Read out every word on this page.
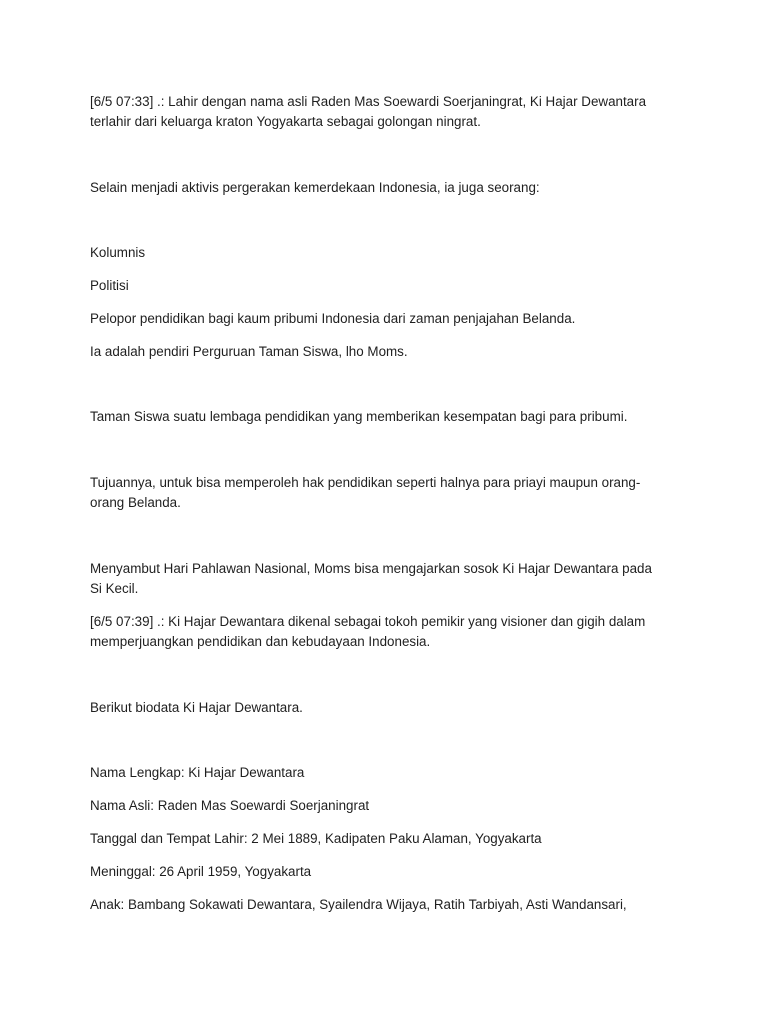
[6/5 07:33] .: Lahir dengan nama asli Raden Mas Soewardi Soerjaningrat, Ki Hajar Dewantara
terlahir dari keluarga kraton Yogyakarta sebagai golongan ningrat.

Selain menjadi aktivis pergerakan kemerdekaan Indonesia, ia juga seorang:

Kolumnis

Politisi

Pelopor pendidikan bagi kaum pribumi Indonesia dari zaman penjajahan Belanda.

Ia adalah pendiri Perguruan Taman Siswa, lho Moms.

Taman Siswa suatu lembaga pendidikan yang memberikan kesempatan bagi para pribumi.

Tujuannya, untuk bisa memperoleh hak pendidikan seperti halnya para priayi maupun orang-
orang Belanda.

Menyambut Hari Pahlawan Nasional, Moms bisa mengajarkan sosok Ki Hajar Dewantara pada
Si Kecil.

[6/5 07:39] .: Ki Hajar Dewantara dikenal sebagai tokoh pemikir yang visioner dan gigih dalam
memperjuangkan pendidikan dan kebudayaan Indonesia.

Berikut biodata Ki Hajar Dewantara.

Nama Lengkap: Ki Hajar Dewantara

Nama Asli: Raden Mas Soewardi Soerjaningrat

Tanggal dan Tempat Lahir: 2 Mei 1889, Kadipaten Paku Alaman, Yogyakarta

Meninggal: 26 April 1959, Yogyakarta

Anak: Bambang Sokawati Dewantara, Syailendra Wijaya, Ratih Tarbiyah, Asti Wandansari,
